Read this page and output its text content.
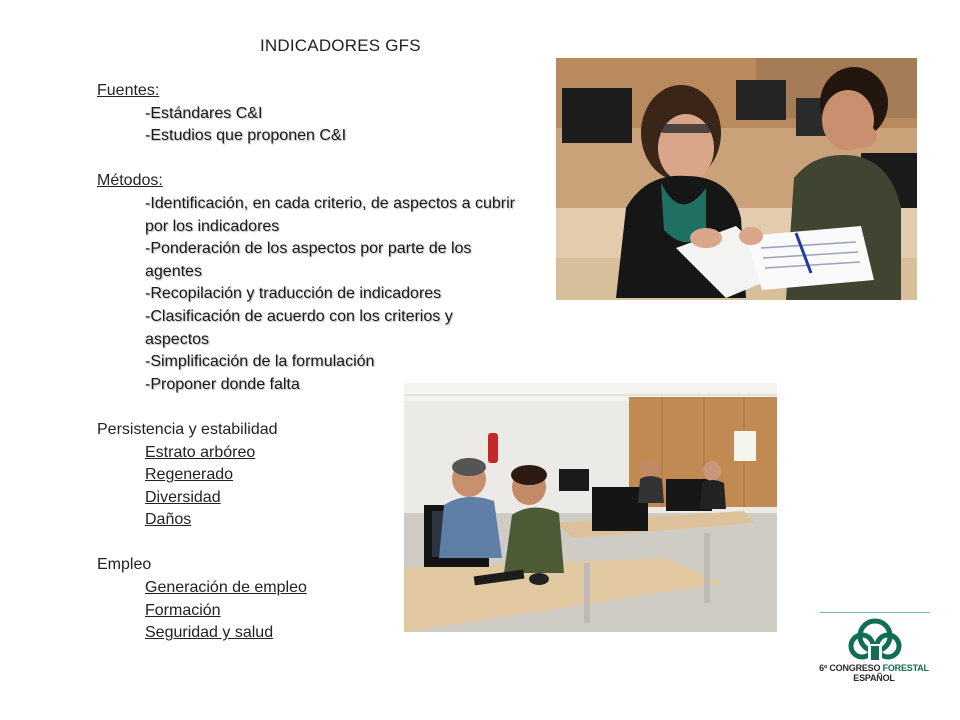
INDICADORES GFS
Fuentes:
-Estándares C&I
-Estudios que proponen C&I
Métodos:
-Identificación, en cada criterio, de aspectos a cubrir por los indicadores
-Ponderación de los aspectos por parte de los agentes
-Recopilación y traducción de indicadores
-Clasificación de acuerdo con los criterios y aspectos
-Simplificación de la formulación
-Proponer donde falta
Persistencia y estabilidad
Estrato arbóreo
Regenerado
Diversidad
Daños
Empleo
Generación de empleo
Formación
Seguridad y salud
6º CONGRESO FORESTAL
ESPAÑOL
